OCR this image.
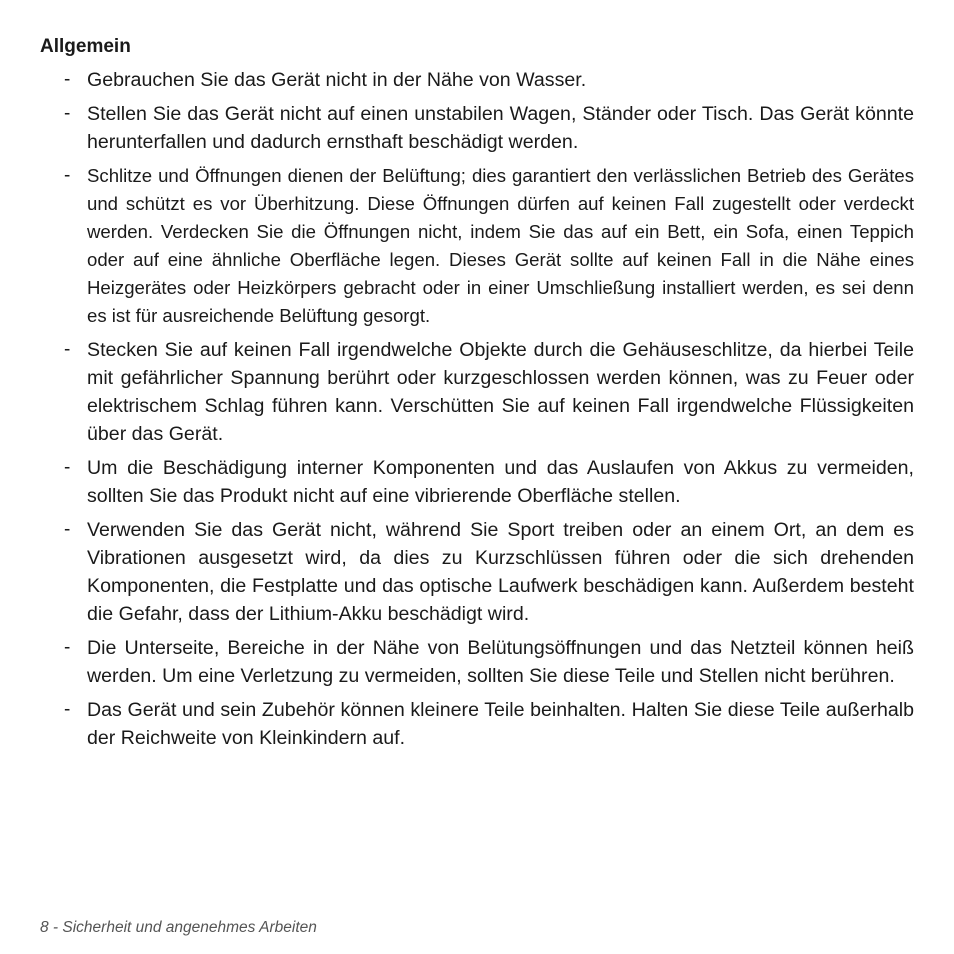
Allgemein
- Gebrauchen Sie das Gerät nicht in der Nähe von Wasser.
- Stellen Sie das Gerät nicht auf einen unstabilen Wagen, Ständer oder Tisch. Das Gerät könnte herunterfallen und dadurch ernsthaft beschädigt werden.
- Schlitze und Öffnungen dienen der Belüftung; dies garantiert den verlässlichen Betrieb des Gerätes und schützt es vor Überhitzung. Diese Öffnungen dürfen auf keinen Fall zugestellt oder verdeckt werden. Verdecken Sie die Öffnungen nicht, indem Sie das auf ein Bett, ein Sofa, einen Teppich oder auf eine ähnliche Oberfläche legen. Dieses Gerät sollte auf keinen Fall in die Nähe eines Heizgerätes oder Heizkörpers gebracht oder in einer Umschließung installiert werden, es sei denn es ist für ausreichende Belüftung gesorgt.
- Stecken Sie auf keinen Fall irgendwelche Objekte durch die Gehäuseschlitze, da hierbei Teile mit gefährlicher Spannung berührt oder kurzgeschlossen werden können, was zu Feuer oder elektrischem Schlag führen kann. Verschütten Sie auf keinen Fall irgendwelche Flüssigkeiten über das Gerät.
- Um die Beschädigung interner Komponenten und das Auslaufen von Akkus zu vermeiden, sollten Sie das Produkt nicht auf eine vibrierende Oberfläche stellen.
- Verwenden Sie das Gerät nicht, während Sie Sport treiben oder an einem Ort, an dem es Vibrationen ausgesetzt wird, da dies zu Kurzschlüssen führen oder die sich drehenden Komponenten, die Festplatte und das optische Laufwerk beschädigen kann. Außerdem besteht die Gefahr, dass der Lithium-Akku beschädigt wird.
- Die Unterseite, Bereiche in der Nähe von Belütungsöffnungen und das Netzteil können heiß werden. Um eine Verletzung zu vermeiden, sollten Sie diese Teile und Stellen nicht berühren.
- Das Gerät und sein Zubehör können kleinere Teile beinhalten. Halten Sie diese Teile außerhalb der Reichweite von Kleinkindern auf.
8 - Sicherheit und angenehmes Arbeiten
